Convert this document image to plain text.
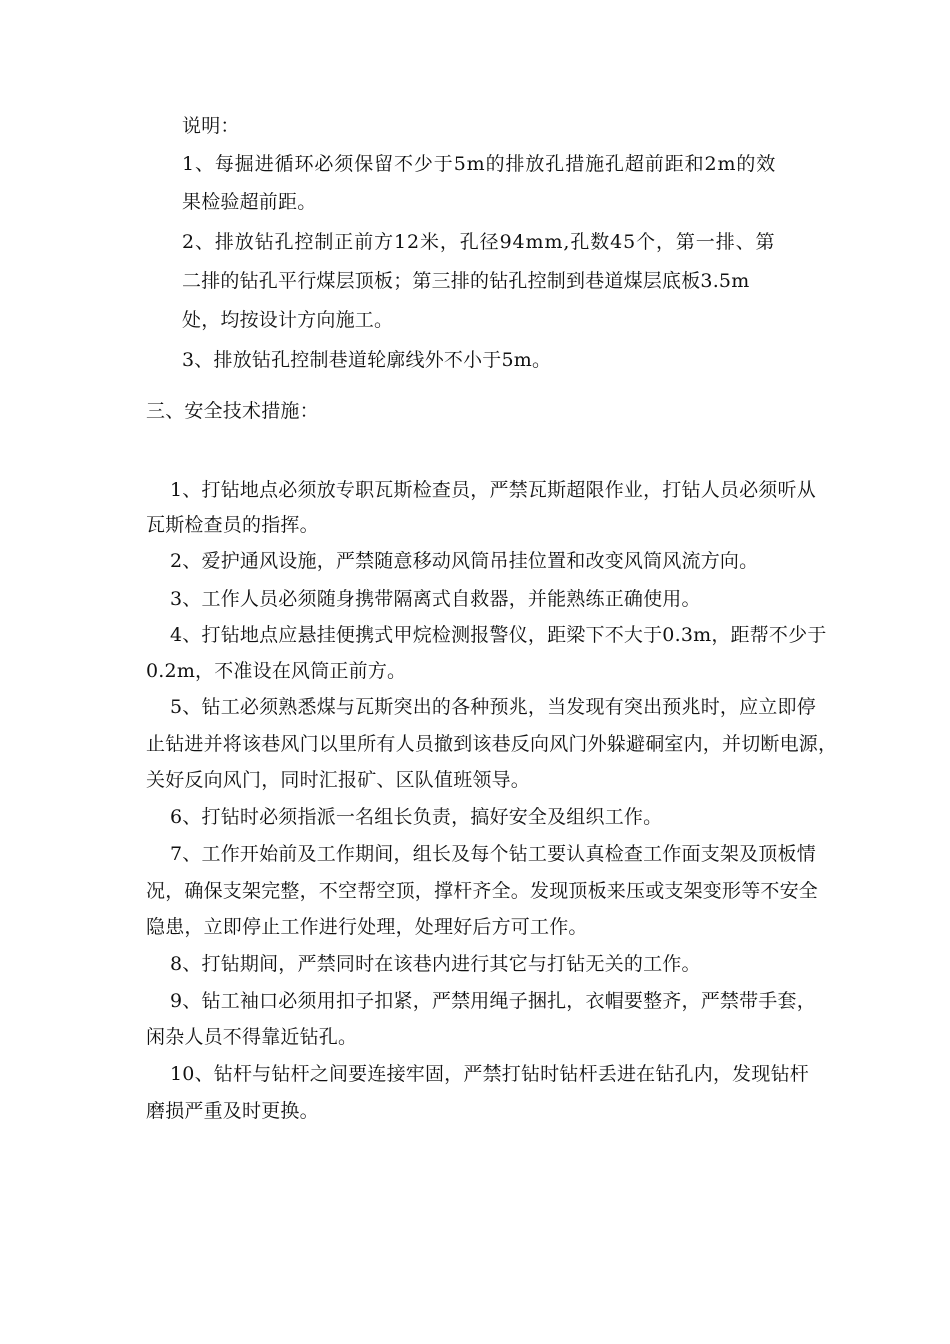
说明：
1、每掘进循环必须保留不少于5m的排放孔措施孔超前距和2m的效
果检验超前距。
2、排放钻孔控制正前方12米，孔径94mm,孔数45个，第一排、第
二排的钻孔平行煤层顶板；第三排的钻孔控制到巷道煤层底板3.5m
处，均按设计方向施工。
3、排放钻孔控制巷道轮廓线外不小于5m。
三、安全技术措施：
1、打钻地点必须放专职瓦斯检查员，严禁瓦斯超限作业，打钻人员必须听从
瓦斯检查员的指挥。
2、爱护通风设施，严禁随意移动风筒吊挂位置和改变风筒风流方向。
3、工作人员必须随身携带隔离式自救器，并能熟练正确使用。
4、打钻地点应悬挂便携式甲烷检测报警仪，距梁下不大于0.3m，距帮不少于
0.2m，不准设在风筒正前方。
5、钻工必须熟悉煤与瓦斯突出的各种预兆，当发现有突出预兆时，应立即停
止钻进并将该巷风门以里所有人员撤到该巷反向风门外躲避硐室内，并切断电源，
关好反向风门，同时汇报矿、区队值班领导。
6、打钻时必须指派一名组长负责，搞好安全及组织工作。
7、工作开始前及工作期间，组长及每个钻工要认真检查工作面支架及顶板情
况，确保支架完整，不空帮空顶，撑杆齐全。发现顶板来压或支架变形等不安全
隐患，立即停止工作进行处理，处理好后方可工作。
8、打钻期间，严禁同时在该巷内进行其它与打钻无关的工作。
9、钻工袖口必须用扣子扣紧，严禁用绳子捆扎，衣帽要整齐，严禁带手套，
闲杂人员不得靠近钻孔。
10、钻杆与钻杆之间要连接牢固，严禁打钻时钻杆丢进在钻孔内，发现钻杆
磨损严重及时更换。
